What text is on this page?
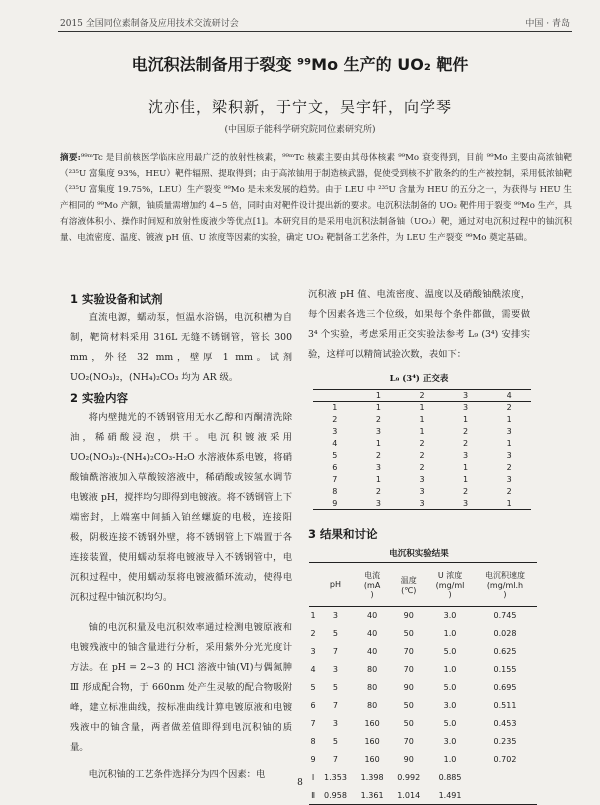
2015 全国同位素制备及应用技术交流研讨会	中国 · 青岛
电沉积法制备用于裂变 ⁹⁹Mo 生产的 UO₂ 靶件
沈亦佳，梁积新，于宁文，吴宇轩，向学琴
(中国原子能科学研究院同位素研究所)
摘要:⁹⁹ᵐTc 是目前核医学临床应用最广泛的放射性核素，⁹⁹ᵐTc 核素主要由其母体核素 ⁹⁹Mo 衰变得到，目前 ⁹⁹Mo 主要由高浓铀靶（²³⁵U 富集度 93%，HEU）靶件辐照、提取得到；由于高浓铀用于制造核武器，促使受到核不扩散条约的生产被控制，采用低浓铀靶（²³⁵U 富集度 19.75%，LEU）生产裂变 ⁹⁹Mo 是未来发展的趋势。由于 LEU 中 ²³⁵U 含量为 HEU 的五分之一，为获得与 HEU 生产相同的 ⁹⁹Mo 产额，铀质量需增加约 4~5 倍，同时由对靶件设计提出新的要求。电沉积法制备的 UO₂ 靶件用于裂变 ⁹⁹Mo 生产，具有溶液体积小、操作时间短和放射性废液少等优点[1]。本研究目的是采用电沉积法制备铀（UO₂）靶，通过对电沉积过程中的铀沉积量、电流密度、温度、镀液 pH 值、U 浓度等因素的实验，确定 UO₂ 靶制备工艺条件，为 LEU 生产裂变 ⁹⁹Mo 奠定基础。
1 实验设备和试剂
直流电源，蠕动泵，恒温水浴锅，电沉积槽为自制，靶筒材料采用 316L 无缝不锈钢管，管长 300 mm，外径 32 mm，壁厚 1 mm。试剂 UO₂(NO₃)₂，(NH₄)₂CO₃ 均为 AR 级。
2 实验内容
将内壁抛光的不锈钢管用无水乙醇和丙酮清洗除油，稀硝酸浸泡，烘干。电沉积镀液采用 UO₂(NO₃)₂-(NH₄)₂CO₃-H₂O 水溶液体系电镀，将硝酸铀酰溶液加入草酸铵溶液中，稀硝酸或铵氢水调节电镀液 pH，搅拌均匀即得到电镀液。将不锈钢管上下端密封，上端塞中间插入铂丝螺旋的电极，连接阳极，阴极连接不锈钢外壁，将不锈钢管上下端置于各连接装置，使用蠕动泵将电镀液导入不锈钢管中，电沉积过程中，使用蠕动泵将电镀液循环流动，使得电沉积过程中铀沉积均匀。
铀的电沉积量及电沉积效率通过检测电镀原液和电镀残液中的铀含量进行分析，采用紫外分光光度计方法。在 pH = 2~3 的 HCl 溶液中铀(Ⅵ)与偶氮胂 Ⅲ 形成配合物，于 660nm 处产生灵敏的配合物吸附峰，建立标准曲线，按标准曲线计算电镀原液和电镀残液中的铀含量，两者做差值即得到电沉积铀的质量。
电沉积铀的工艺条件选择分为四个因素：电
沉积液 pH 值、电流密度、温度以及硝酸铀酰浓度，每个因素各选三个位级，如果每个条件都做，需要做 3⁴ 个实验，考虑采用正交实验法参考 L₉ (3⁴) 安排实验，这样可以精简试验次数，表如下：
L₉ (3⁴) 正交表
	1	2	3	4
1	1	1	3	2
2	2	1	1	1
3	3	1	2	3
4	1	2	2	1
5	2	2	3	3
6	3	2	1	2
7	1	3	1	3
8	2	3	2	2
9	3	3	3	1
3 结果和讨论
电沉积实验结果
	pH	电流
(mA
)	温度
(℃)	U 浓度
(mg/ml
)	电沉积速度
(mg/ml.h
)
1	3	40	90	3.0	0.745
2	5	40	50	1.0	0.028
3	7	40	70	5.0	0.625
4	3	80	70	1.0	0.155
5	5	80	90	5.0	0.695
6	7	80	50	3.0	0.511
7	3	160	50	5.0	0.453
8	5	160	70	3.0	0.235
9	7	160	90	1.0	0.702
Ⅰ	1.353	1.398	0.992	0.885	
Ⅱ	0.958	1.361	1.014	1.491	
8
